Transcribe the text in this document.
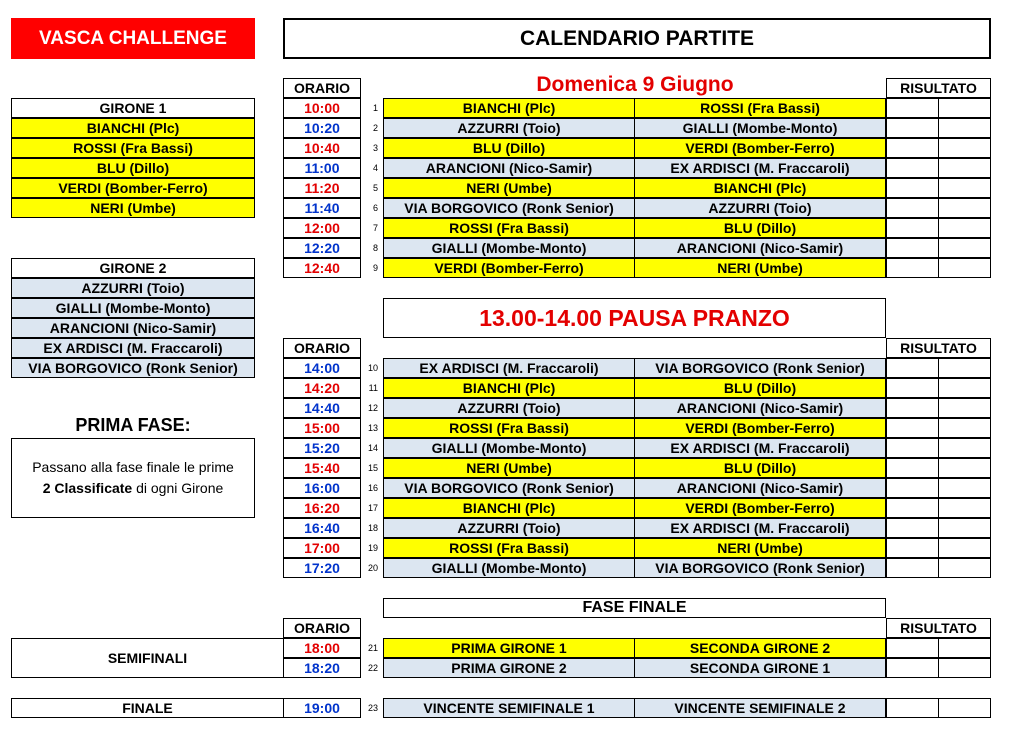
VASCA CHALLENGE	CALENDARIO PARTITE
Domenica 9 Giugno
ORARIO	RISULTATO
GIRONE 1
BIANCHI (Plc)
ROSSI (Fra Bassi)
BLU (Dillo)
VERDI (Bomber-Ferro)
NERI (Umbe)
GIRONE 2
AZZURRI (Toio)
GIALLI (Mombe-Monto)
ARANCIONI (Nico-Samir)
EX ARDISCI (M. Fraccaroli)
VIA BORGOVICO (Ronk Senior)
PRIMA FASE:
Passano alla fase finale le prime
2 Classificate di ogni Girone
10:00	1	BIANCHI (Plc)	ROSSI (Fra Bassi)
10:20	2	AZZURRI (Toio)	GIALLI (Mombe-Monto)
10:40	3	BLU (Dillo)	VERDI (Bomber-Ferro)
11:00	4	ARANCIONI (Nico-Samir)	EX ARDISCI (M. Fraccaroli)
11:20	5	NERI (Umbe)	BIANCHI (Plc)
11:40	6	VIA BORGOVICO (Ronk Senior)	AZZURRI (Toio)
12:00	7	ROSSI (Fra Bassi)	BLU (Dillo)
12:20	8	GIALLI (Mombe-Monto)	ARANCIONI (Nico-Samir)
12:40	9	VERDI (Bomber-Ferro)	NERI (Umbe)
13.00-14.00 PAUSA PRANZO
ORARIO	RISULTATO
14:00	10	EX ARDISCI (M. Fraccaroli)	VIA BORGOVICO (Ronk Senior)
14:20	11	BIANCHI (Plc)	BLU (Dillo)
14:40	12	AZZURRI (Toio)	ARANCIONI (Nico-Samir)
15:00	13	ROSSI (Fra Bassi)	VERDI (Bomber-Ferro)
15:20	14	GIALLI (Mombe-Monto)	EX ARDISCI (M. Fraccaroli)
15:40	15	NERI (Umbe)	BLU (Dillo)
16:00	16	VIA BORGOVICO (Ronk Senior)	ARANCIONI (Nico-Samir)
16:20	17	BIANCHI (Plc)	VERDI (Bomber-Ferro)
16:40	18	AZZURRI (Toio)	EX ARDISCI (M. Fraccaroli)
17:00	19	ROSSI (Fra Bassi)	NERI (Umbe)
17:20	20	GIALLI (Mombe-Monto)	VIA BORGOVICO (Ronk Senior)
FASE FINALE
ORARIO	RISULTATO
SEMIFINALI
18:00	21	PRIMA GIRONE 1	SECONDA GIRONE 2
18:20	22	PRIMA GIRONE 2	SECONDA GIRONE 1
FINALE	19:00	23	VINCENTE SEMIFINALE 1	VINCENTE SEMIFINALE 2
